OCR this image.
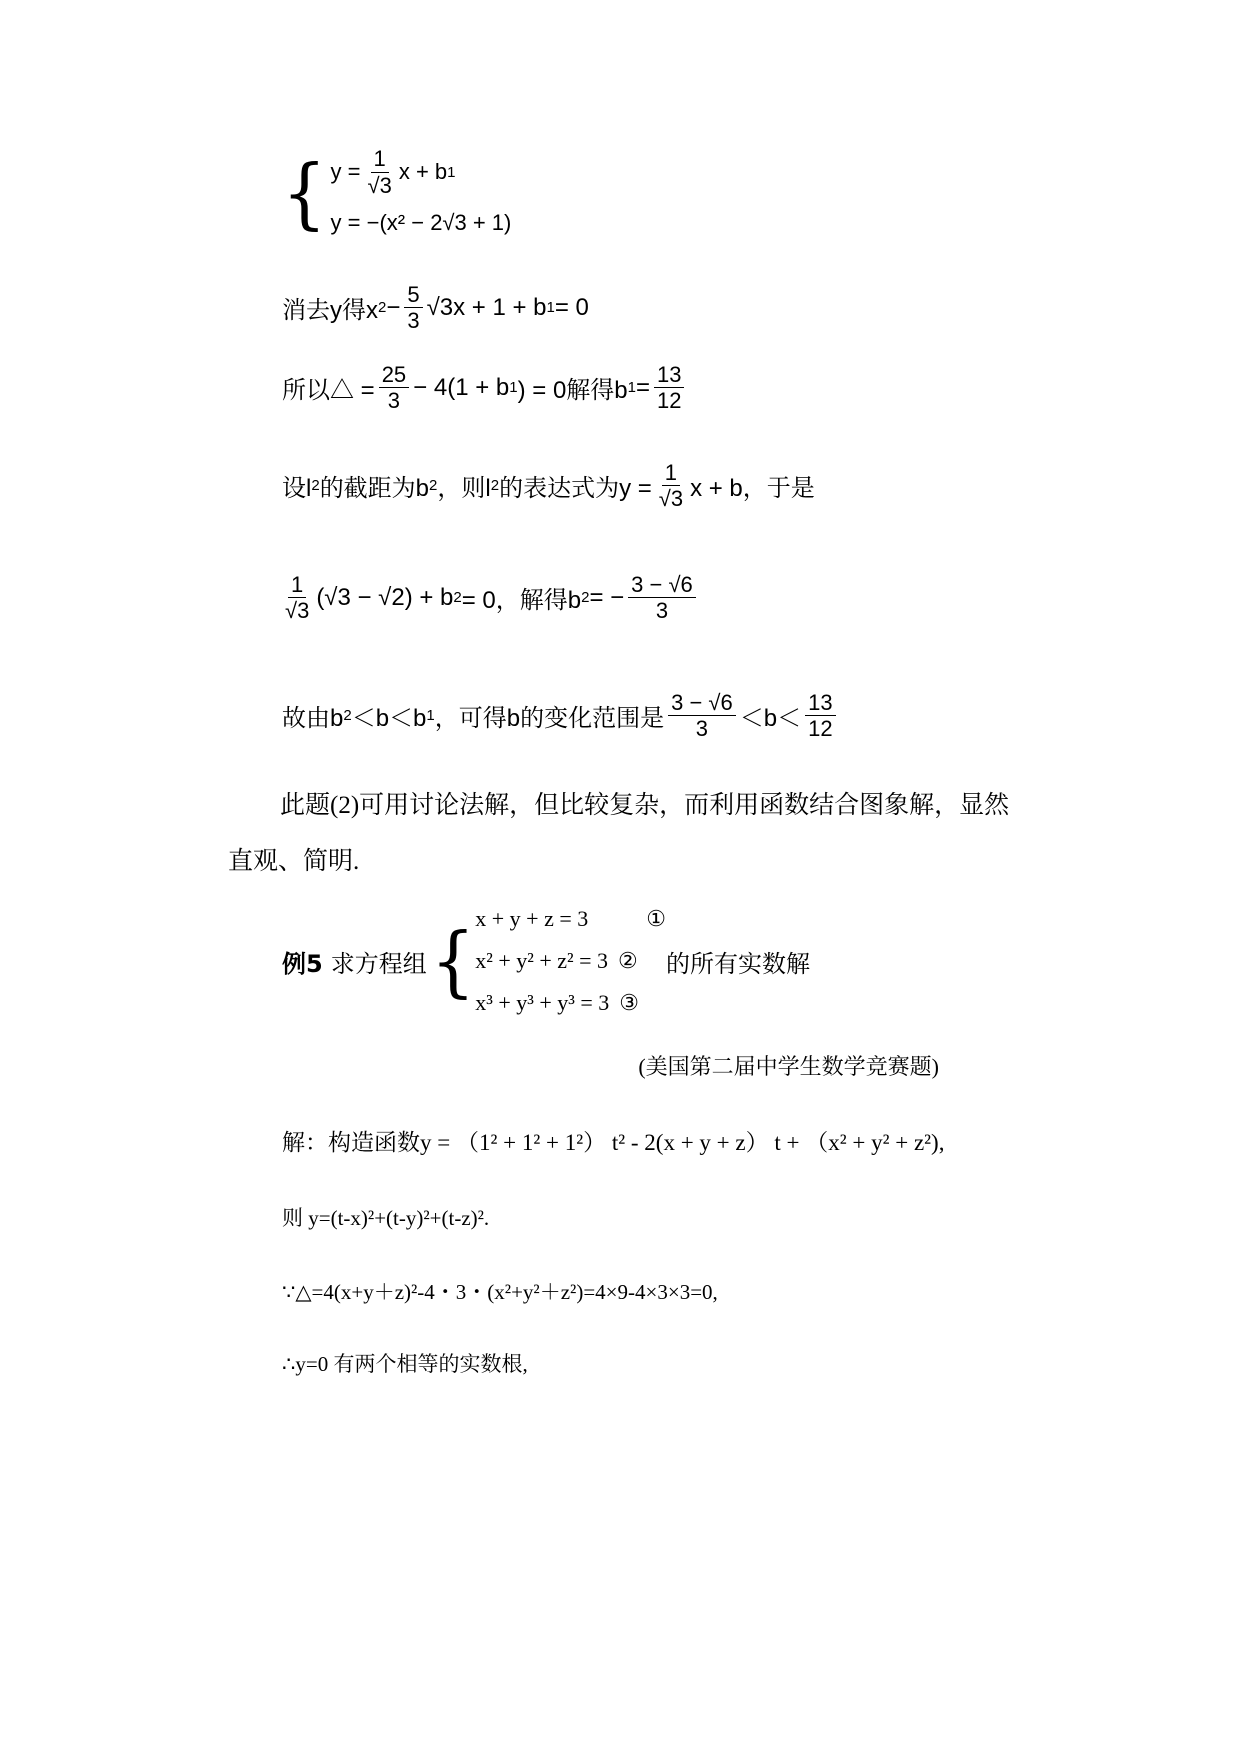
{ $y = \frac{1}{√3}$ x + b 1
y = −(x² − 2√3 + 1)
消去y得x $2 - \frac{5}{3} √3x + 1 + b$ 1 = 0
所以△ = $\frac{25}{3} - 4(1 + b$ 1 ) = 0解得b $1 = \frac{13}{12}$
设l 2 的截距为b 2 ，则l 2 的表达式为$y = \frac{1}{√3}$ x + b，于是
$\frac{1}{√3} (√3 - √2) + b$ 2 = 0，解得b 2 = − $\frac{3 - √6}{3}$
故由b 2 ＜b＜b 1 ，可得b的变化范围是 $\frac{3 - √6}{3} <b< \frac{13}{12}$
此题(2)可用讨论法解，但比较复杂，而利用函数结合图象解，显然直观、简明.
例5 求方程组 { x + y + z = 3	①
x² + y² + z² = 3 ②
x³ + y³ + y³ = 3 ③
的所有实数解
(美国第二届中学生数学竞赛题)
解：构造函数y = （1² + 1² + 1²） t² - 2(x + y + z） t + （x² + y² + z²),
则 y=(t-x)²+(t-y)²+(t-z)².
∵△=4(x+y＋z)²-4・3・(x²+y²＋z²)=4×9-4×3×3=0,
∴y=0 有两个相等的实数根,
